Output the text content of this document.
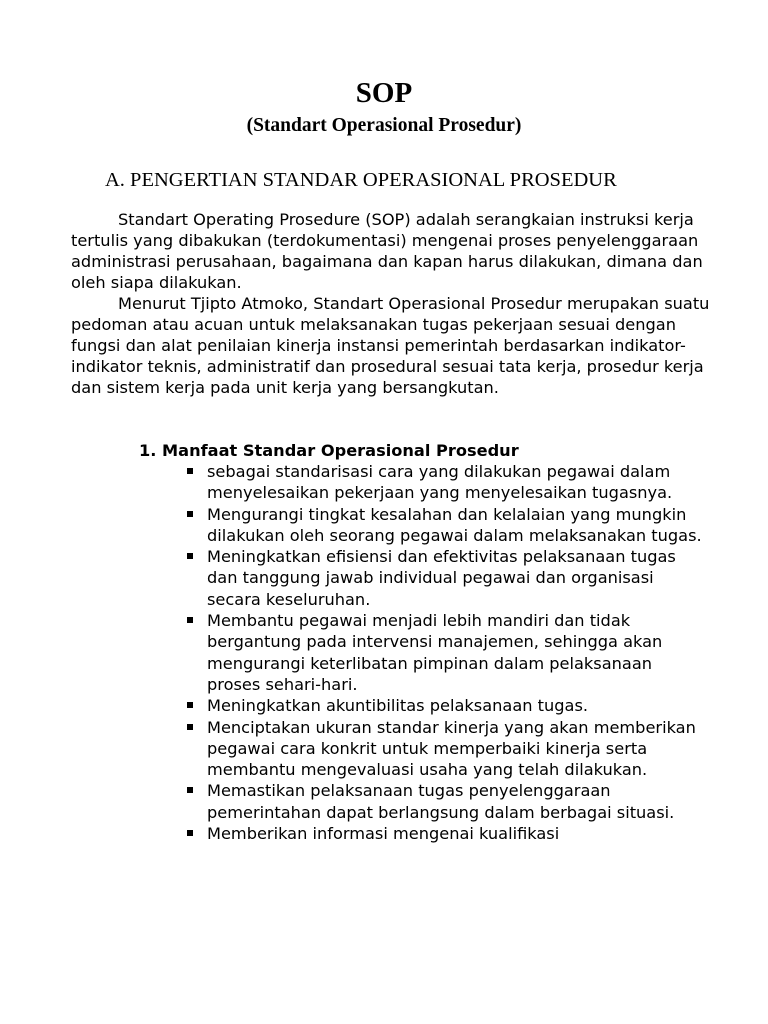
SOP
(Standart Operasional Prosedur)
A. PENGERTIAN STANDAR OPERASIONAL PROSEDUR

Standart Operating Prosedure (SOP) adalah serangkaian instruksi kerja tertulis yang dibakukan (terdokumentasi) mengenai proses penyelenggaraan administrasi perusahaan, bagaimana dan kapan harus dilakukan, dimana dan oleh siapa dilakukan.

Menurut Tjipto Atmoko, Standart Operasional Prosedur merupakan suatu pedoman atau acuan untuk melaksanakan tugas pekerjaan sesuai dengan fungsi dan alat penilaian kinerja instansi pemerintah berdasarkan indikator-indikator teknis, administratif dan prosedural sesuai tata kerja, prosedur kerja dan sistem kerja pada unit kerja yang bersangkutan.

1. Manfaat Standar Operasional Prosedur
sebagai standarisasi cara yang dilakukan pegawai dalam menyelesaikan pekerjaan yang menyelesaikan tugasnya.
Mengurangi tingkat kesalahan dan kelalaian yang mungkin dilakukan oleh seorang pegawai dalam melaksanakan tugas.
Meningkatkan efisiensi dan efektivitas pelaksanaan tugas dan tanggung jawab individual pegawai dan organisasi secara keseluruhan.
Membantu pegawai menjadi lebih mandiri dan tidak bergantung pada intervensi manajemen, sehingga akan mengurangi keterlibatan pimpinan dalam pelaksanaan proses sehari-hari.
Meningkatkan akuntibilitas pelaksanaan tugas.
Menciptakan ukuran standar kinerja yang akan memberikan pegawai cara konkrit untuk memperbaiki kinerja serta membantu mengevaluasi usaha yang telah dilakukan.
Memastikan pelaksanaan tugas penyelenggaraan pemerintahan dapat berlangsung dalam berbagai situasi.
Memberikan informasi mengenai kualifikasi
